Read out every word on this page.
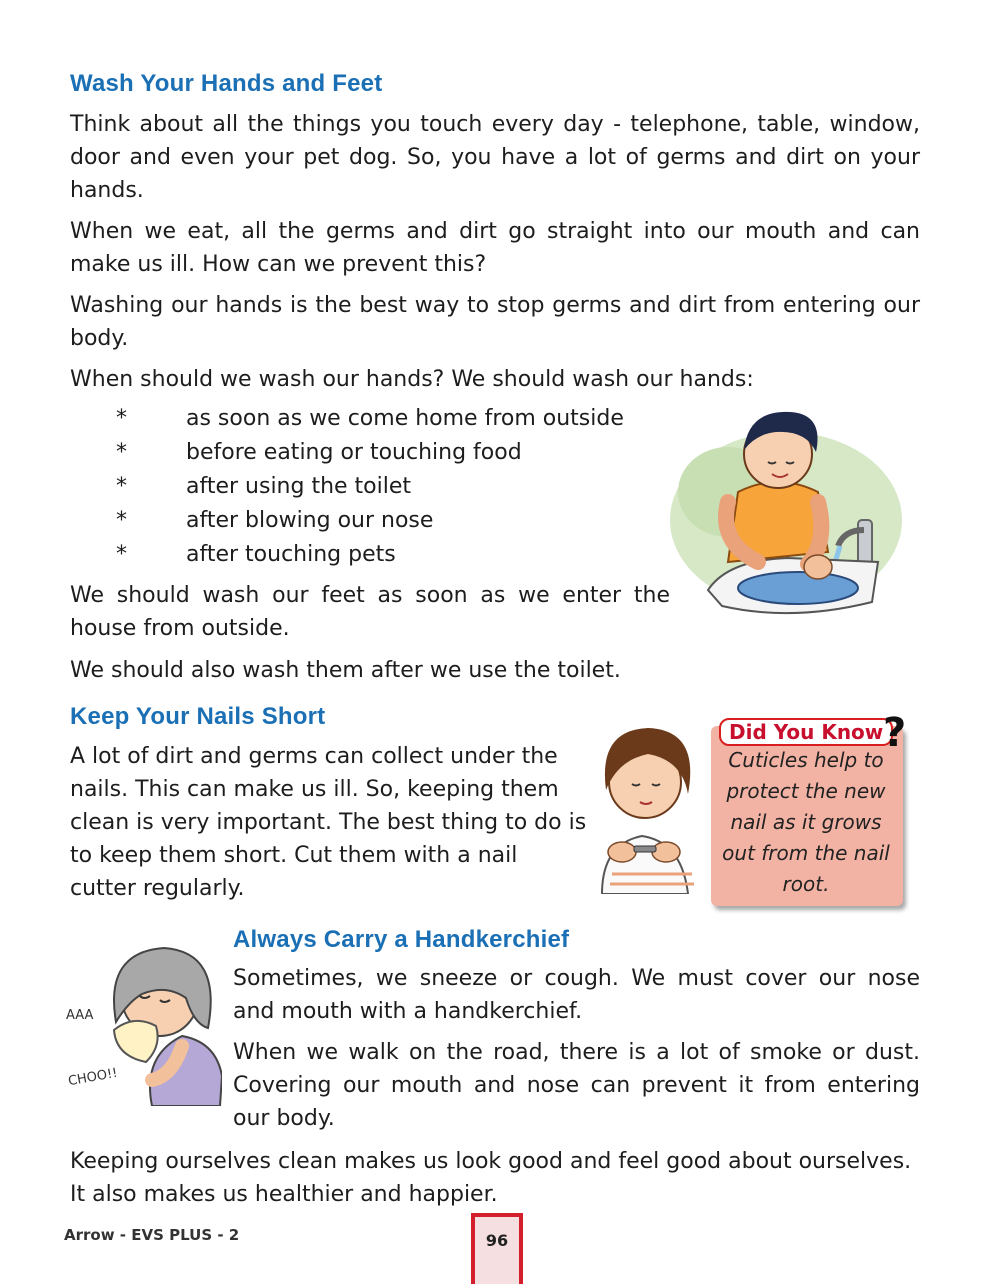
Wash Your Hands and Feet

Think about all the things you touch every day - telephone, table, window, door and even your pet dog. So, you have a lot of germs and dirt on your hands.

When we eat, all the germs and dirt go straight into our mouth and can make us ill. How can we prevent this?

Washing our hands is the best way to stop germs and dirt from entering our body.

When should we wash our hands? We should wash our hands:

*	as soon as we come home from outside
*	before eating or touching food
*	after using the toilet
*	after blowing our nose
*	after touching pets

We should wash our feet as soon as we enter the house from outside.

We should also wash them after we use the toilet.

Keep Your Nails Short

A lot of dirt and germs can collect under the nails. This can make us ill. So, keeping them clean is very important. The best thing to do is to keep them short. Cut them with a nail cutter regularly.

Did You Know ?
Cuticles help to protect the new nail as it grows out from the nail root.
AAA
CHOO!!
Always Carry a Handkerchief

Sometimes, we sneeze or cough. We must cover our nose and mouth with a handkerchief.

When we walk on the road, there is a lot of smoke or dust. Covering our mouth and nose can prevent it from entering our body.

Keeping ourselves clean makes us look good and feel good about ourselves. It also makes us healthier and happier.

Arrow - EVS PLUS - 2	96
